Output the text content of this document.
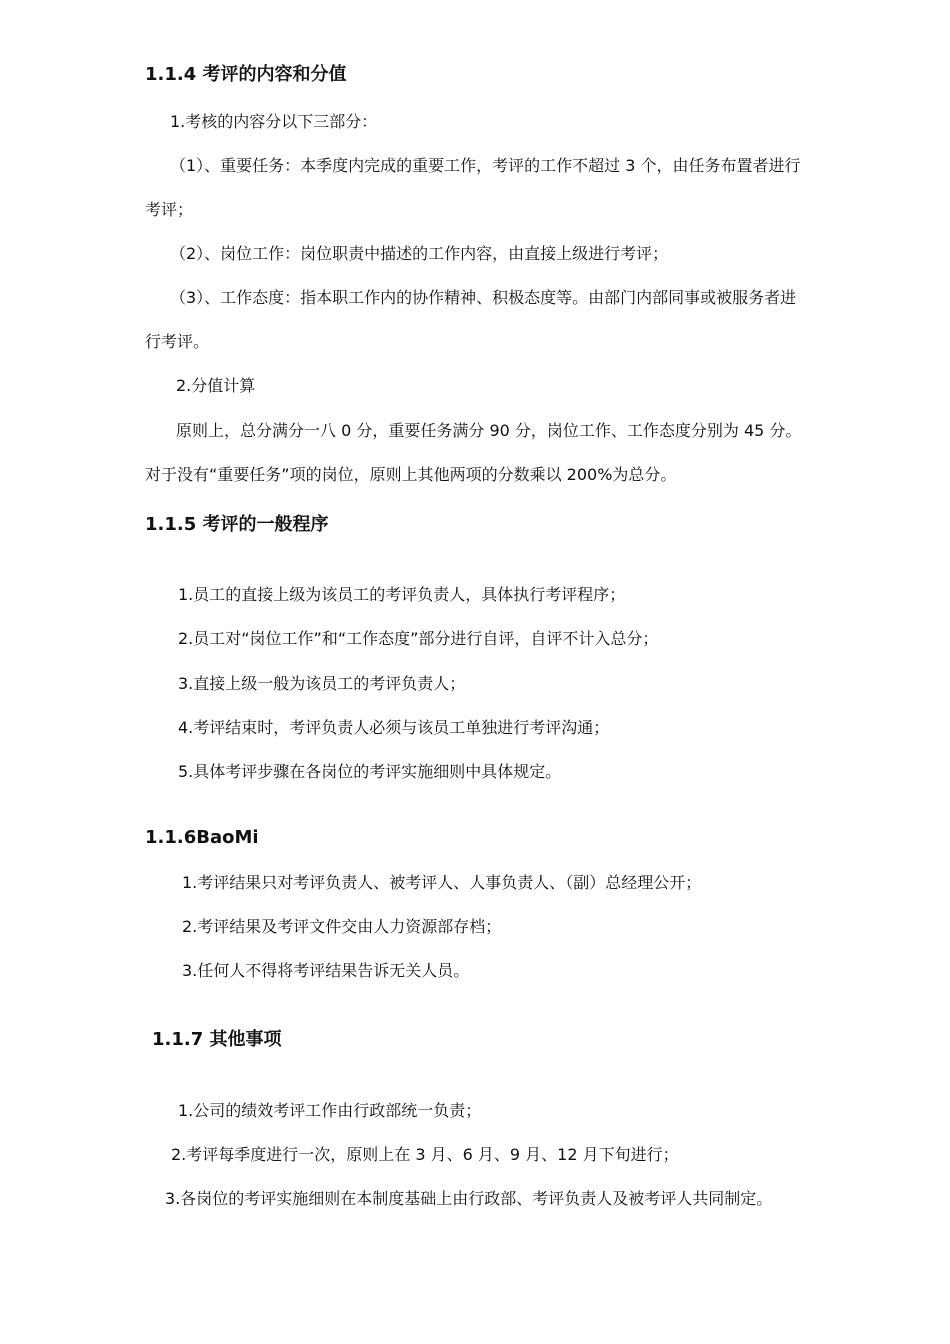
1.1.4 考评的内容和分值

1.考核的内容分以下三部分：

（1）、重要任务：本季度内完成的重要工作，考评的工作不超过 3 个，由任务布置者进行

考评；

（2）、岗位工作：岗位职责中描述的工作内容，由直接上级进行考评；

（3）、工作态度：指本职工作内的协作精神、积极态度等。由部门内部同事或被服务者进

行考评。

2.分值计算

原则上，总分满分一八 0 分，重要任务满分 90 分，岗位工作、工作态度分别为 45 分。

对于没有“重要任务”项的岗位，原则上其他两项的分数乘以 200%为总分。

1.1.5 考评的一般程序

1.员工的直接上级为该员工的考评负责人，具体执行考评程序；

2.员工对“岗位工作”和“工作态度”部分进行自评，自评不计入总分；

3.直接上级一般为该员工的考评负责人；

4.考评结束时，考评负责人必须与该员工单独进行考评沟通；

5.具体考评步骤在各岗位的考评实施细则中具体规定。

1.1.6BaoMi

1.考评结果只对考评负责人、被考评人、人事负责人、（副）总经理公开；

2.考评结果及考评文件交由人力资源部存档；

3.任何人不得将考评结果告诉无关人员。

1.1.7 其他事项

1.公司的绩效考评工作由行政部统一负责；

2.考评每季度进行一次，原则上在 3 月、6 月、9 月、12 月下旬进行；

3.各岗位的考评实施细则在本制度基础上由行政部、考评负责人及被考评人共同制定。
